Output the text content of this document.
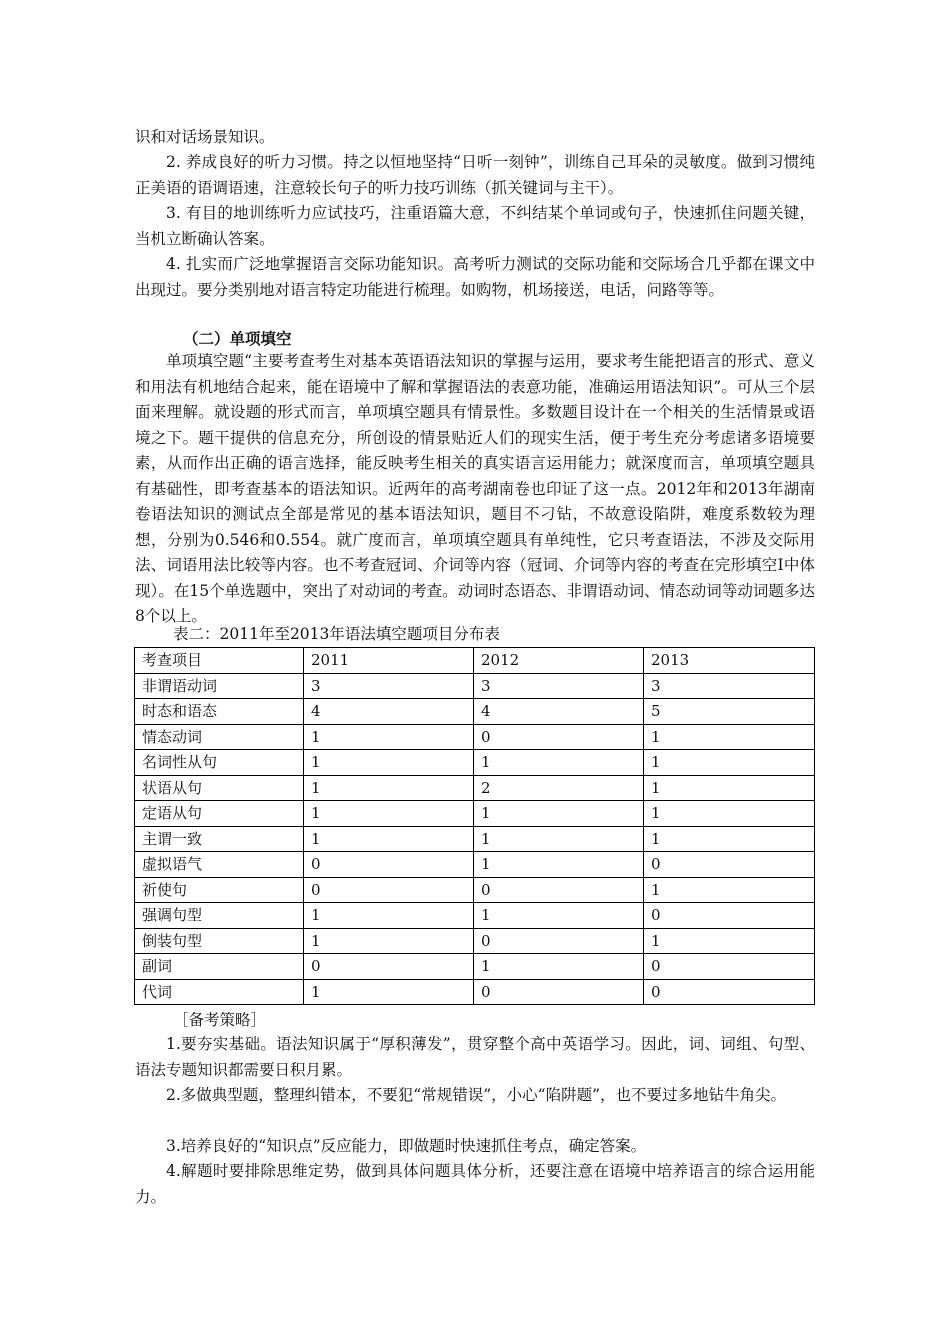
识和对话场景知识。

2. 养成良好的听力习惯。持之以恒地坚持“日听一刻钟”，训练自己耳朵的灵敏度。做到习惯纯正美语的语调语速，注意较长句子的听力技巧训练（抓关键词与主干）。

3. 有目的地训练听力应试技巧，注重语篇大意，不纠结某个单词或句子，快速抓住问题关键，当机立断确认答案。

4. 扎实而广泛地掌握语言交际功能知识。高考听力测试的交际功能和交际场合几乎都在课文中出现过。要分类别地对语言特定功能进行梳理。如购物，机场接送，电话，问路等等。

（二）单项填空

单项填空题“主要考查考生对基本英语语法知识的掌握与运用，要求考生能把语言的形式、意义和用法有机地结合起来，能在语境中了解和掌握语法的表意功能，准确运用语法知识”。可从三个层面来理解。就设题的形式而言，单项填空题具有情景性。多数题目设计在一个相关的生活情景或语境之下。题干提供的信息充分，所创设的情景贴近人们的现实生活，便于考生充分考虑诸多语境要素，从而作出正确的语言选择，能反映考生相关的真实语言运用能力；就深度而言，单项填空题具有基础性，即考查基本的语法知识。近两年的高考湖南卷也印证了这一点。2012年和2013年湖南卷语法知识的测试点全部是常见的基本语法知识，题目不刁钻，不故意设陷阱，难度系数较为理想，分别为0.546和0.554。就广度而言，单项填空题具有单纯性，它只考查语法，不涉及交际用法、词语用法比较等内容。也不考查冠词、介词等内容（冠词、介词等内容的考查在完形填空I中体现）。在15个单选题中，突出了对动词的考查。动词时态语态、非谓语动词、情态动词等动词题多达8个以上。

表二：2011年至2013年语法填空题项目分布表
考查项目	2011	2012	2013
非谓语动词	3	3	3
时态和语态	4	4	5
情态动词	1	0	1
名词性从句	1	1	1
状语从句	1	2	1
定语从句	1	1	1
主谓一致	1	1	1
虚拟语气	0	1	0
祈使句	0	0	1
强调句型	1	1	0
倒装句型	1	0	1
副词	0	1	0
代词	1	0	0
［备考策略］

1.要夯实基础。语法知识属于“厚积薄发”，贯穿整个高中英语学习。因此，词、词组、句型、语法专题知识都需要日积月累。

2.多做典型题，整理纠错本，不要犯“常规错误”，小心“陷阱题”，也不要过多地钻牛角尖。

3.培养良好的“知识点”反应能力，即做题时快速抓住考点，确定答案。

4.解题时要排除思维定势，做到具体问题具体分析，还要注意在语境中培养语言的综合运用能力。
